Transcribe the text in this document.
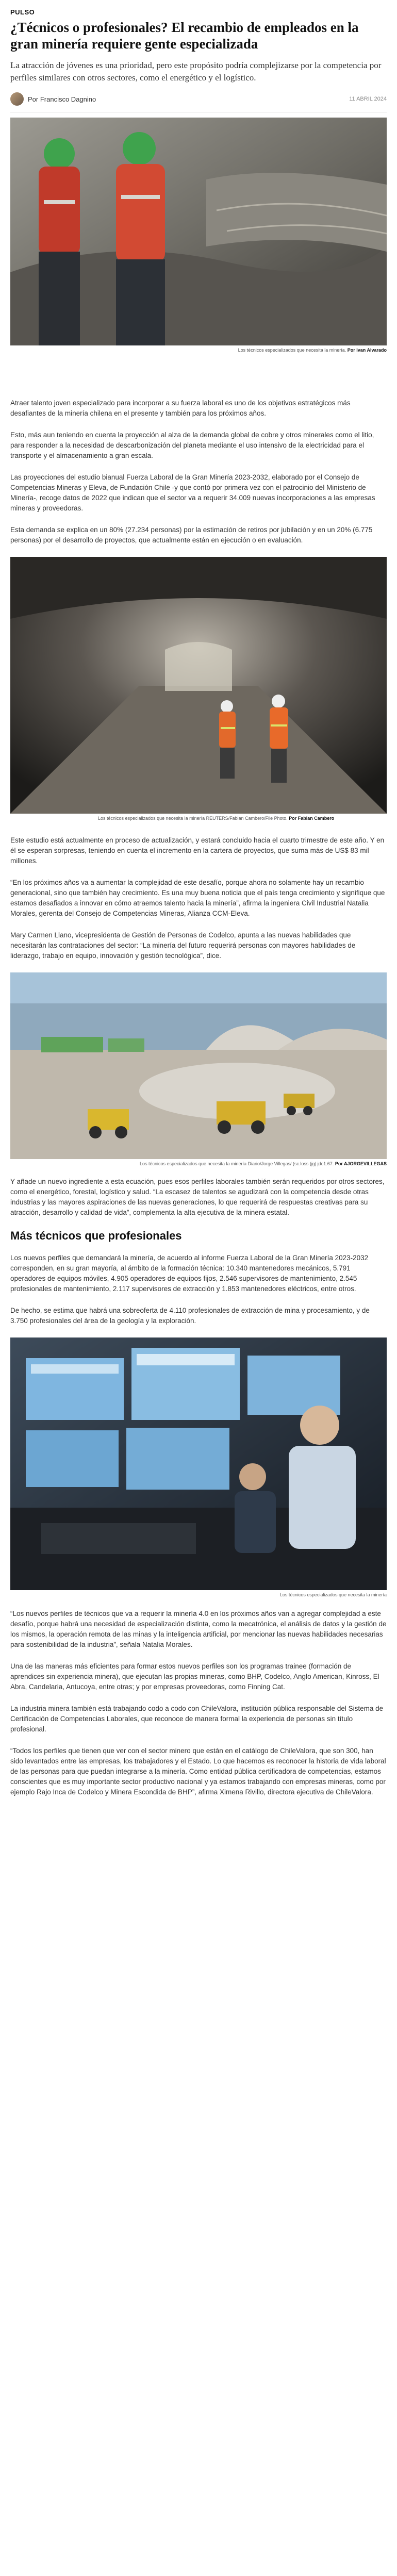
PULSO
¿Técnicos o profesionales? El recambio de empleados en la gran minería requiere gente especializada
La atracción de jóvenes es una prioridad, pero este propósito podría complejizarse por la competencia por perfiles similares con otros sectores, como el energético y el logístico.
Por Francisco Dagnino	11 ABRIL 2024
Los técnicos especializados que necesita la minería. Por Ivan Alvarado

Atraer talento joven especializado para incorporar a su fuerza laboral es uno de los objetivos estratégicos más desafiantes de la minería chilena en el presente y también para los próximos años.

Esto, más aun teniendo en cuenta la proyección al alza de la demanda global de cobre y otros minerales como el litio, para responder a la necesidad de descarbonización del planeta mediante el uso intensivo de la electricidad para el transporte y el almacenamiento a gran escala.

Las proyecciones del estudio bianual Fuerza Laboral de la Gran Minería 2023-2032, elaborado por el Consejo de Competencias Mineras y Eleva, de Fundación Chile -y que contó por primera vez con el patrocinio del Ministerio de Minería-, recoge datos de 2022 que indican que el sector va a requerir 34.009 nuevas incorporaciones a las empresas mineras y proveedoras.

Esta demanda se explica en un 80% (27.234 personas) por la estimación de retiros por jubilación y en un 20% (6.775 personas) por el desarrollo de proyectos, que actualmente están en ejecución o en evaluación.

Los técnicos especializados que necesita la minería REUTERS/Fabian Cambero/File Photo. Por Fabian Cambero

Este estudio está actualmente en proceso de actualización, y estará concluido hacia el cuarto trimestre de este año. Y en él se esperan sorpresas, teniendo en cuenta el incremento en la cartera de proyectos, que suma más de US$ 83 mil millones.

“En los próximos años va a aumentar la complejidad de este desafío, porque ahora no solamente hay un recambio generacional, sino que también hay crecimiento. Es una muy buena noticia que el país tenga crecimiento y signifique que estamos desafiados a innovar en cómo atraemos talento hacia la minería”, afirma la ingeniera Civil Industrial Natalia Morales, gerenta del Consejo de Competencias Mineras, Alianza CCM-Eleva.

Mary Carmen Llano, vicepresidenta de Gestión de Personas de Codelco, apunta a las nuevas habilidades que necesitarán las contrataciones del sector: “La minería del futuro requerirá personas con mayores habilidades de liderazgo, trabajo en equipo, innovación y gestión tecnológica”, dice.

Los técnicos especializados que necesita la minería Diario/Jorge Villegas/ (sc.loss )jg| jdc1.67. Por AJORGEVILLEGAS

Y añade un nuevo ingrediente a esta ecuación, pues esos perfiles laborales también serán requeridos por otros sectores, como el energético, forestal, logístico y salud. “La escasez de talentos se agudizará con la competencia desde otras industrias y las mayores aspiraciones de las nuevas generaciones, lo que requerirá de respuestas creativas para su atracción, desarrollo y calidad de vida”, complementa la alta ejecutiva de la minera estatal.

Más técnicos que profesionales

Los nuevos perfiles que demandará la minería, de acuerdo al informe Fuerza Laboral de la Gran Minería 2023-2032 corresponden, en su gran mayoría, al ámbito de la formación técnica: 10.340 mantenedores mecánicos, 5.791 operadores de equipos móviles, 4.905 operadores de equipos fijos, 2.546 supervisores de mantenimiento, 2.545 profesionales de mantenimiento, 2.117 supervisores de extracción y 1.853 mantenedores eléctricos, entre otros.

De hecho, se estima que habrá una sobreoferta de 4.110 profesionales de extracción de mina y procesamiento, y de 3.750 profesionales del área de la geología y la exploración.

Los técnicos especializados que necesita la minería

“Los nuevos perfiles de técnicos que va a requerir la minería 4.0 en los próximos años van a agregar complejidad a este desafío, porque habrá una necesidad de especialización distinta, como la mecatrónica, el análisis de datos y la gestión de los mismos, la operación remota de las minas y la inteligencia artificial, por mencionar las nuevas habilidades necesarias para sostenibilidad de la industria”, señala Natalia Morales.

Una de las maneras más eficientes para formar estos nuevos perfiles son los programas trainee (formación de aprendices sin experiencia minera), que ejecutan las propias mineras, como BHP, Codelco, Anglo American, Kinross, El Abra, Candelaria, Antucoya, entre otras; y por empresas proveedoras, como Finning Cat.

La industria minera también está trabajando codo a codo con ChileValora, institución pública responsable del Sistema de Certificación de Competencias Laborales, que reconoce de manera formal la experiencia de personas sin título profesional.

“Todos los perfiles que tienen que ver con el sector minero que están en el catálogo de ChileValora, que son 300, han sido levantados entre las empresas, los trabajadores y el Estado. Lo que hacemos es reconocer la historia de vida laboral de las personas para que puedan integrarse a la minería. Como entidad pública certificadora de competencias, estamos conscientes que es muy importante sector productivo nacional y ya estamos trabajando con empresas mineras, como por ejemplo Rajo Inca de Codelco y Minera Escondida de BHP”, afirma Ximena Rivillo, directora ejecutiva de ChileValora.
